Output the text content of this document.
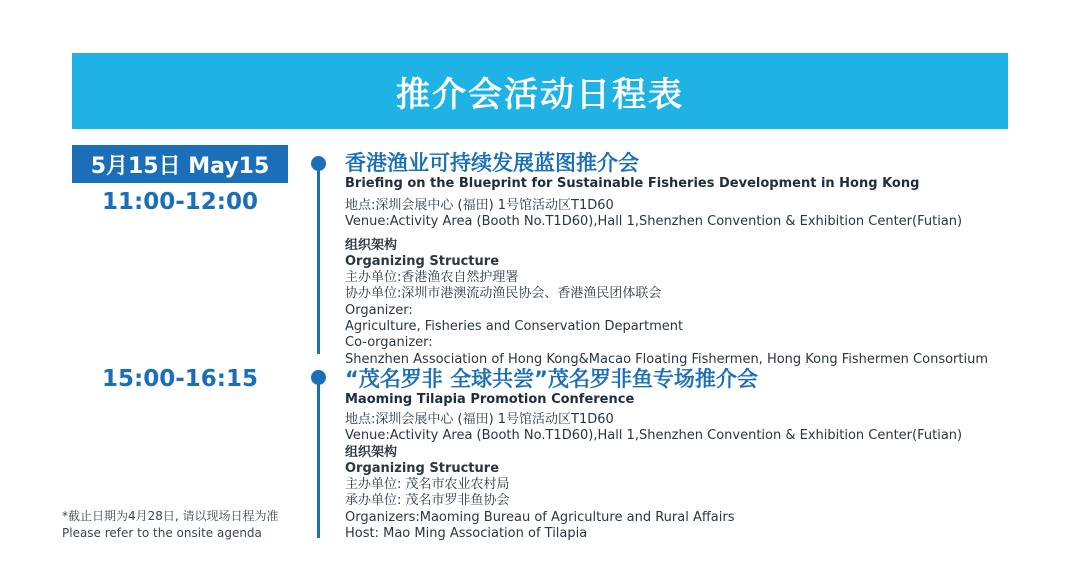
推介会活动日程表
5月15日 May15
11:00-12:00
15:00-16:15
香港渔业可持续发展蓝图推介会
Briefing on the Blueprint for Sustainable Fisheries Development in Hong Kong
地点:深圳会展中心 (福田) 1号馆活动区T1D60
Venue:Activity Area (Booth No.T1D60),Hall 1,Shenzhen Convention & Exhibition Center(Futian)
组织架构
Organizing Structure
主办单位:香港渔农自然护理署
协办单位:深圳市港澳流动渔民协会、香港渔民团体联会
Organizer:
Agriculture, Fisheries and Conservation Department
Co-organizer:
Shenzhen Association of Hong Kong&Macao Floating Fishermen, Hong Kong Fishermen Consortium
“茂名罗非 全球共尝”茂名罗非鱼专场推介会
Maoming Tilapia Promotion Conference
地点:深圳会展中心 (福田) 1号馆活动区T1D60
Venue:Activity Area (Booth No.T1D60),Hall 1,Shenzhen Convention & Exhibition Center(Futian)
组织架构
Organizing Structure
主办单位: 茂名市农业农村局
承办单位: 茂名市罗非鱼协会
Organizers:Maoming Bureau of Agriculture and Rural Affairs
Host: Mao Ming Association of Tilapia
*截止日期为4月28日, 请以现场日程为准
Please refer to the onsite agenda
